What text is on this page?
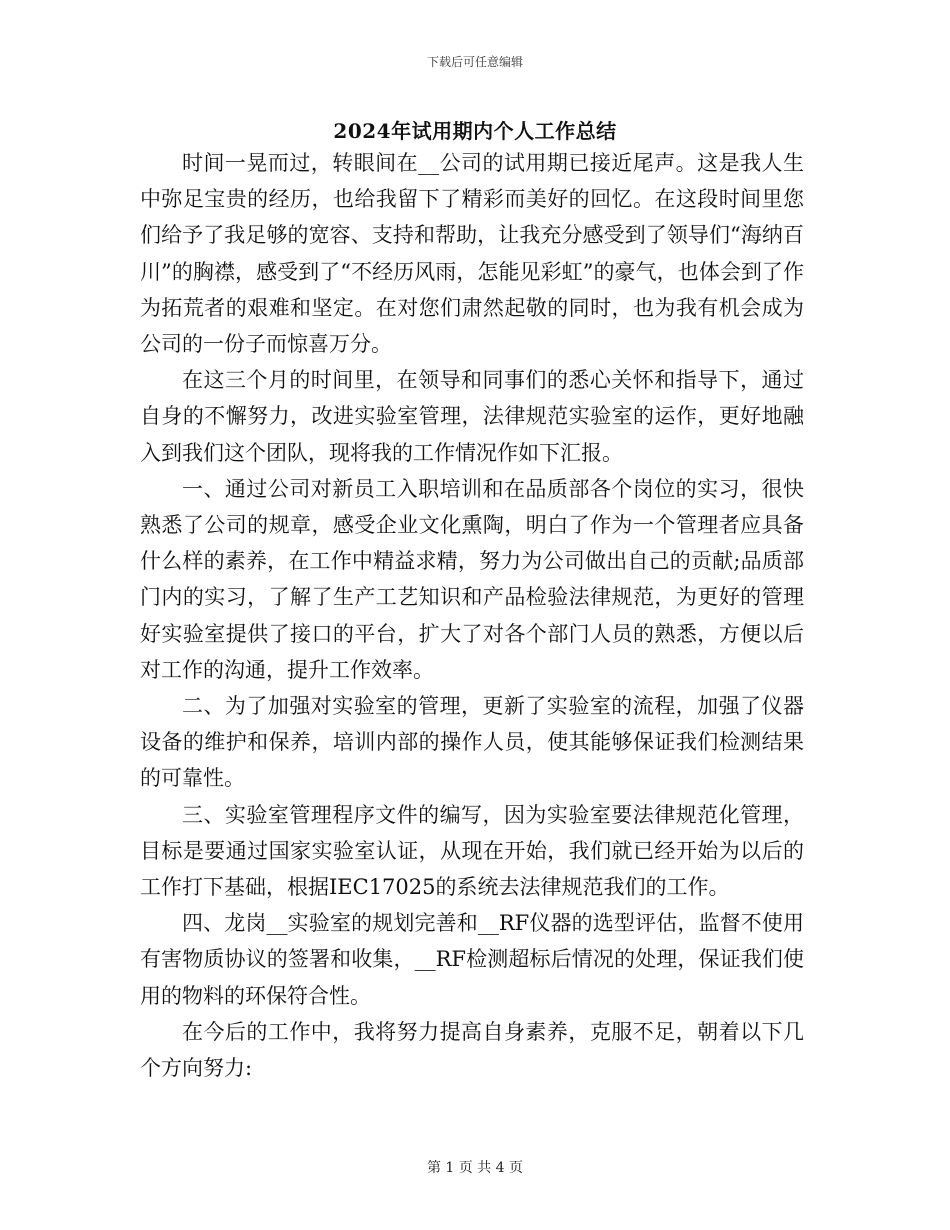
下载后可任意编辑
2024年试用期内个人工作总结

时间一晃而过，转眼间在__公司的试用期已接近尾声。这是我人生中弥足宝贵的经历，也给我留下了精彩而美好的回忆。在这段时间里您们给予了我足够的宽容、支持和帮助，让我充分感受到了领导们“海纳百川”的胸襟，感受到了“不经历风雨，怎能见彩虹”的豪气，也体会到了作为拓荒者的艰难和坚定。在对您们肃然起敬的同时，也为我有机会成为公司的一份子而惊喜万分。

在这三个月的时间里，在领导和同事们的悉心关怀和指导下，通过自身的不懈努力，改进实验室管理，法律规范实验室的运作，更好地融入到我们这个团队，现将我的工作情况作如下汇报。

一、通过公司对新员工入职培训和在品质部各个岗位的实习，很快熟悉了公司的规章，感受企业文化熏陶，明白了作为一个管理者应具备什么样的素养，在工作中精益求精，努力为公司做出自己的贡献;品质部门内的实习，了解了生产工艺知识和产品检验法律规范，为更好的管理好实验室提供了接口的平台，扩大了对各个部门人员的熟悉，方便以后对工作的沟通，提升工作效率。

二、为了加强对实验室的管理，更新了实验室的流程，加强了仪器设备的维护和保养，培训内部的操作人员，使其能够保证我们检测结果的可靠性。

三、实验室管理程序文件的编写，因为实验室要法律规范化管理，目标是要通过国家实验室认证，从现在开始，我们就已经开始为以后的工作打下基础，根据IEC17025的系统去法律规范我们的工作。

四、龙岗__实验室的规划完善和__RF仪器的选型评估，监督不使用有害物质协议的签署和收集，__RF检测超标后情况的处理，保证我们使用的物料的环保符合性。

在今后的工作中，我将努力提高自身素养，克服不足，朝着以下几个方向努力:

第 1 页 共 4 页
